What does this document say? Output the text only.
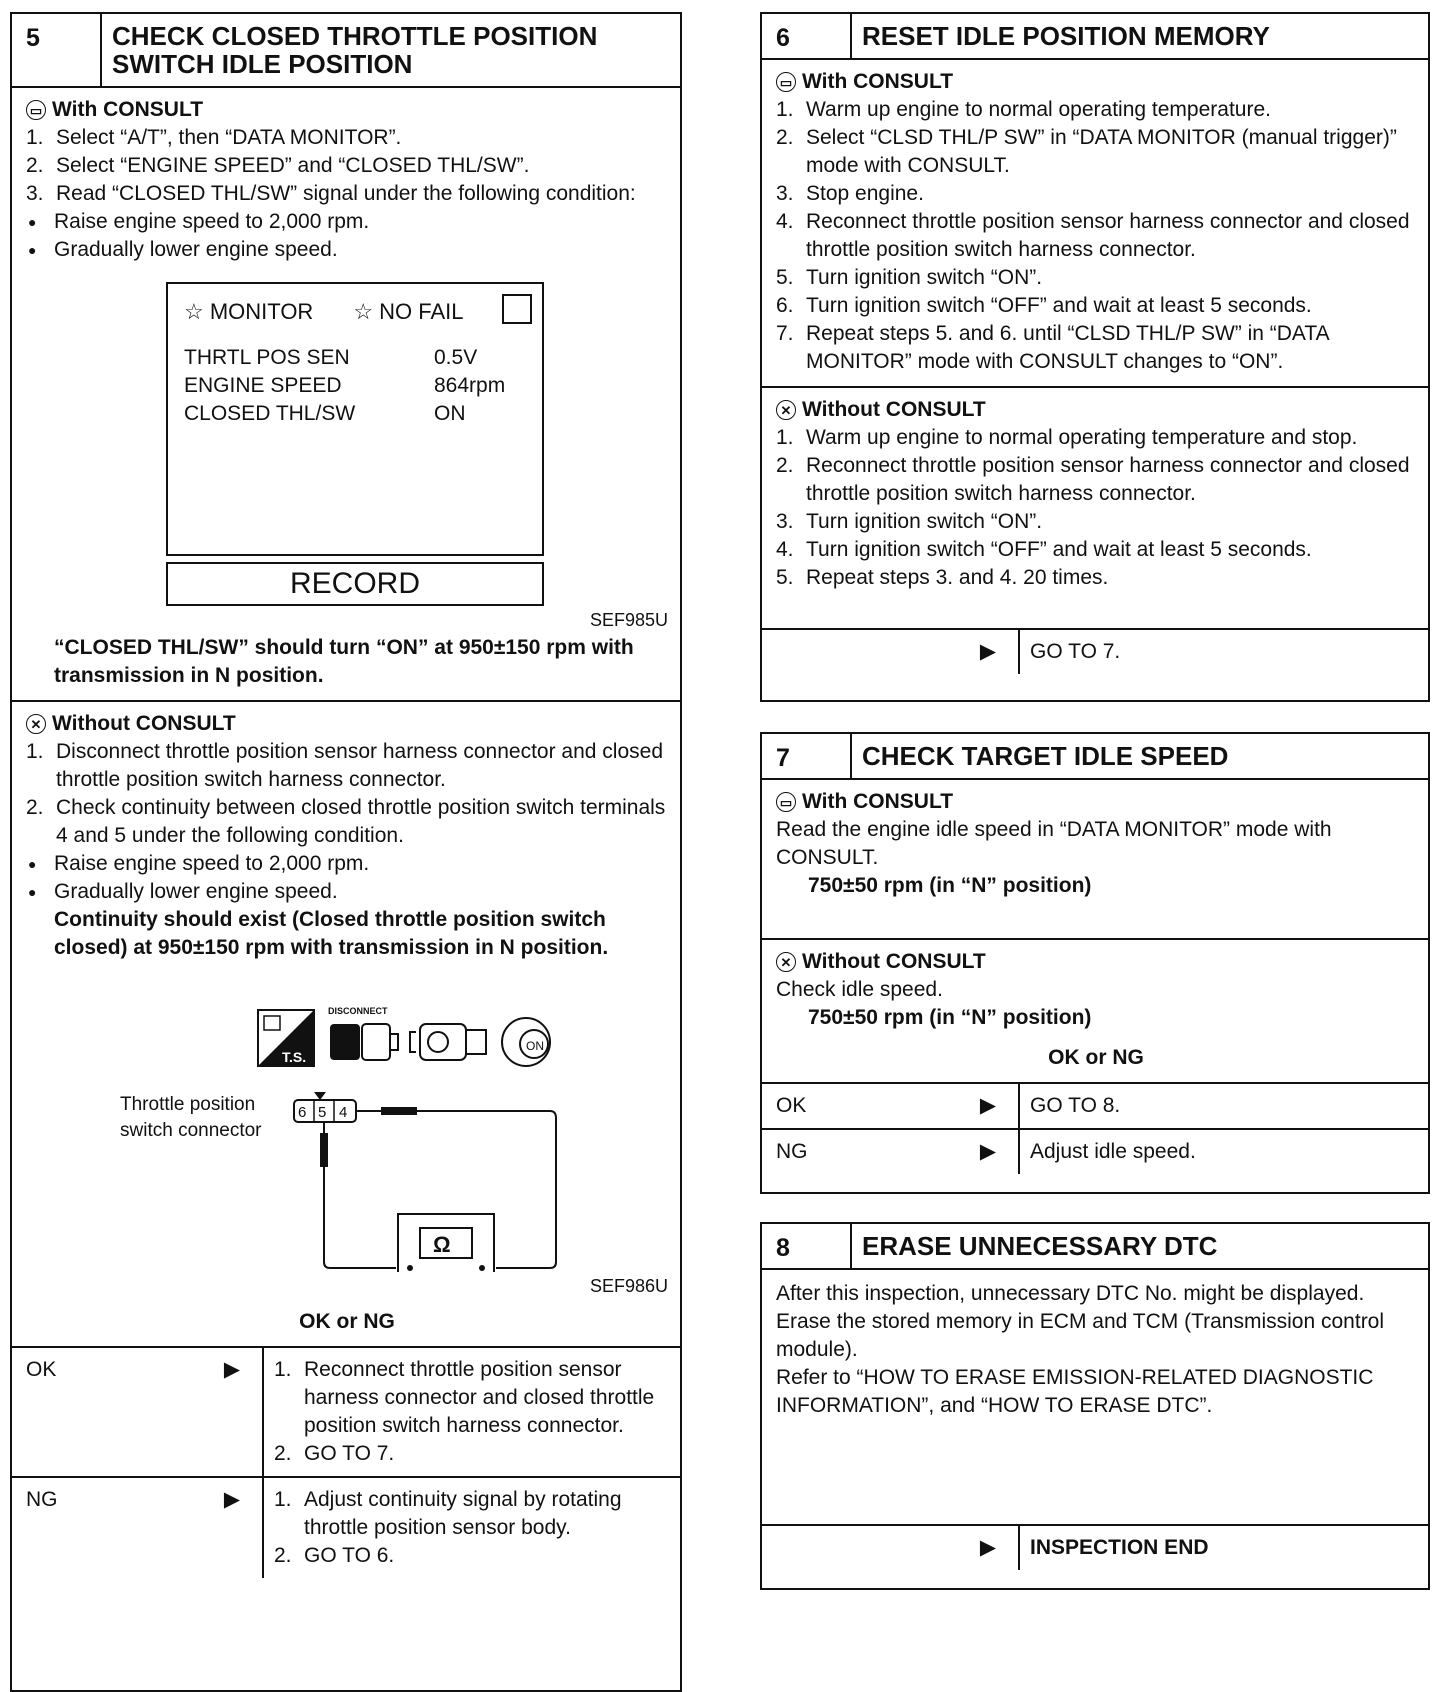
5	CHECK CLOSED THROTTLE POSITION SWITCH IDLE POSITION
▭ With CONSULT
1. Select “A/T”, then “DATA MONITOR”.
2. Select “ENGINE SPEED” and “CLOSED THL/SW”.
3. Read “CLOSED THL/SW” signal under the following condition:
● Raise engine speed to 2,000 rpm.
● Gradually lower engine speed.
☆ MONITOR ☆ NO FAIL
THRTL POS SEN	0.5V
ENGINE SPEED	864rpm
CLOSED THL/SW	ON
RECORD
SEF985U
“CLOSED THL/SW” should turn “ON” at 950±150 rpm with transmission in N position.
✕ Without CONSULT
1. Disconnect throttle position sensor harness connector and closed throttle position switch harness connector.
2. Check continuity between closed throttle position switch terminals 4 and 5 under the following condition.
● Raise engine speed to 2,000 rpm.
● Gradually lower engine speed.
Continuity should exist (Closed throttle position switch closed) at 950±150 rpm with transmission in N position.
T.S.
DISCONNECT
ON
6 5 4
Ω
Throttle position switch connector
SEF986U
OK or NG
OK	▶ 1. Reconnect throttle position sensor harness connector and closed throttle position switch harness connector.
2. GO TO 7.
NG	▶ 1. Adjust continuity signal by rotating throttle position sensor body.
2. GO TO 6.
6	RESET IDLE POSITION MEMORY
▭ With CONSULT
1. Warm up engine to normal operating temperature.
2. Select “CLSD THL/P SW” in “DATA MONITOR (manual trigger)” mode with CONSULT.
3. Stop engine.
4. Reconnect throttle position sensor harness connector and closed throttle position switch harness connector.
5. Turn ignition switch “ON”.
6. Turn ignition switch “OFF” and wait at least 5 seconds.
7. Repeat steps 5. and 6. until “CLSD THL/P SW” in “DATA MONITOR” mode with CONSULT changes to “ON”.
✕ Without CONSULT
1. Warm up engine to normal operating temperature and stop.
2. Reconnect throttle position sensor harness connector and closed throttle position switch harness connector.
3. Turn ignition switch “ON”.
4. Turn ignition switch “OFF” and wait at least 5 seconds.
5. Repeat steps 3. and 4. 20 times.
▶	GO TO 7.
7	CHECK TARGET IDLE SPEED
▭ With CONSULT
Read the engine idle speed in “DATA MONITOR” mode with CONSULT.
750±50 rpm (in “N” position)
✕ Without CONSULT
Check idle speed.
750±50 rpm (in “N” position)
OK or NG
OK	▶	GO TO 8.
NG	▶	Adjust idle speed.
8	ERASE UNNECESSARY DTC
After this inspection, unnecessary DTC No. might be displayed.
Erase the stored memory in ECM and TCM (Transmission control module).
Refer to “HOW TO ERASE EMISSION-RELATED DIAGNOSTIC INFORMATION”, and “HOW TO ERASE DTC”.
▶	INSPECTION END
